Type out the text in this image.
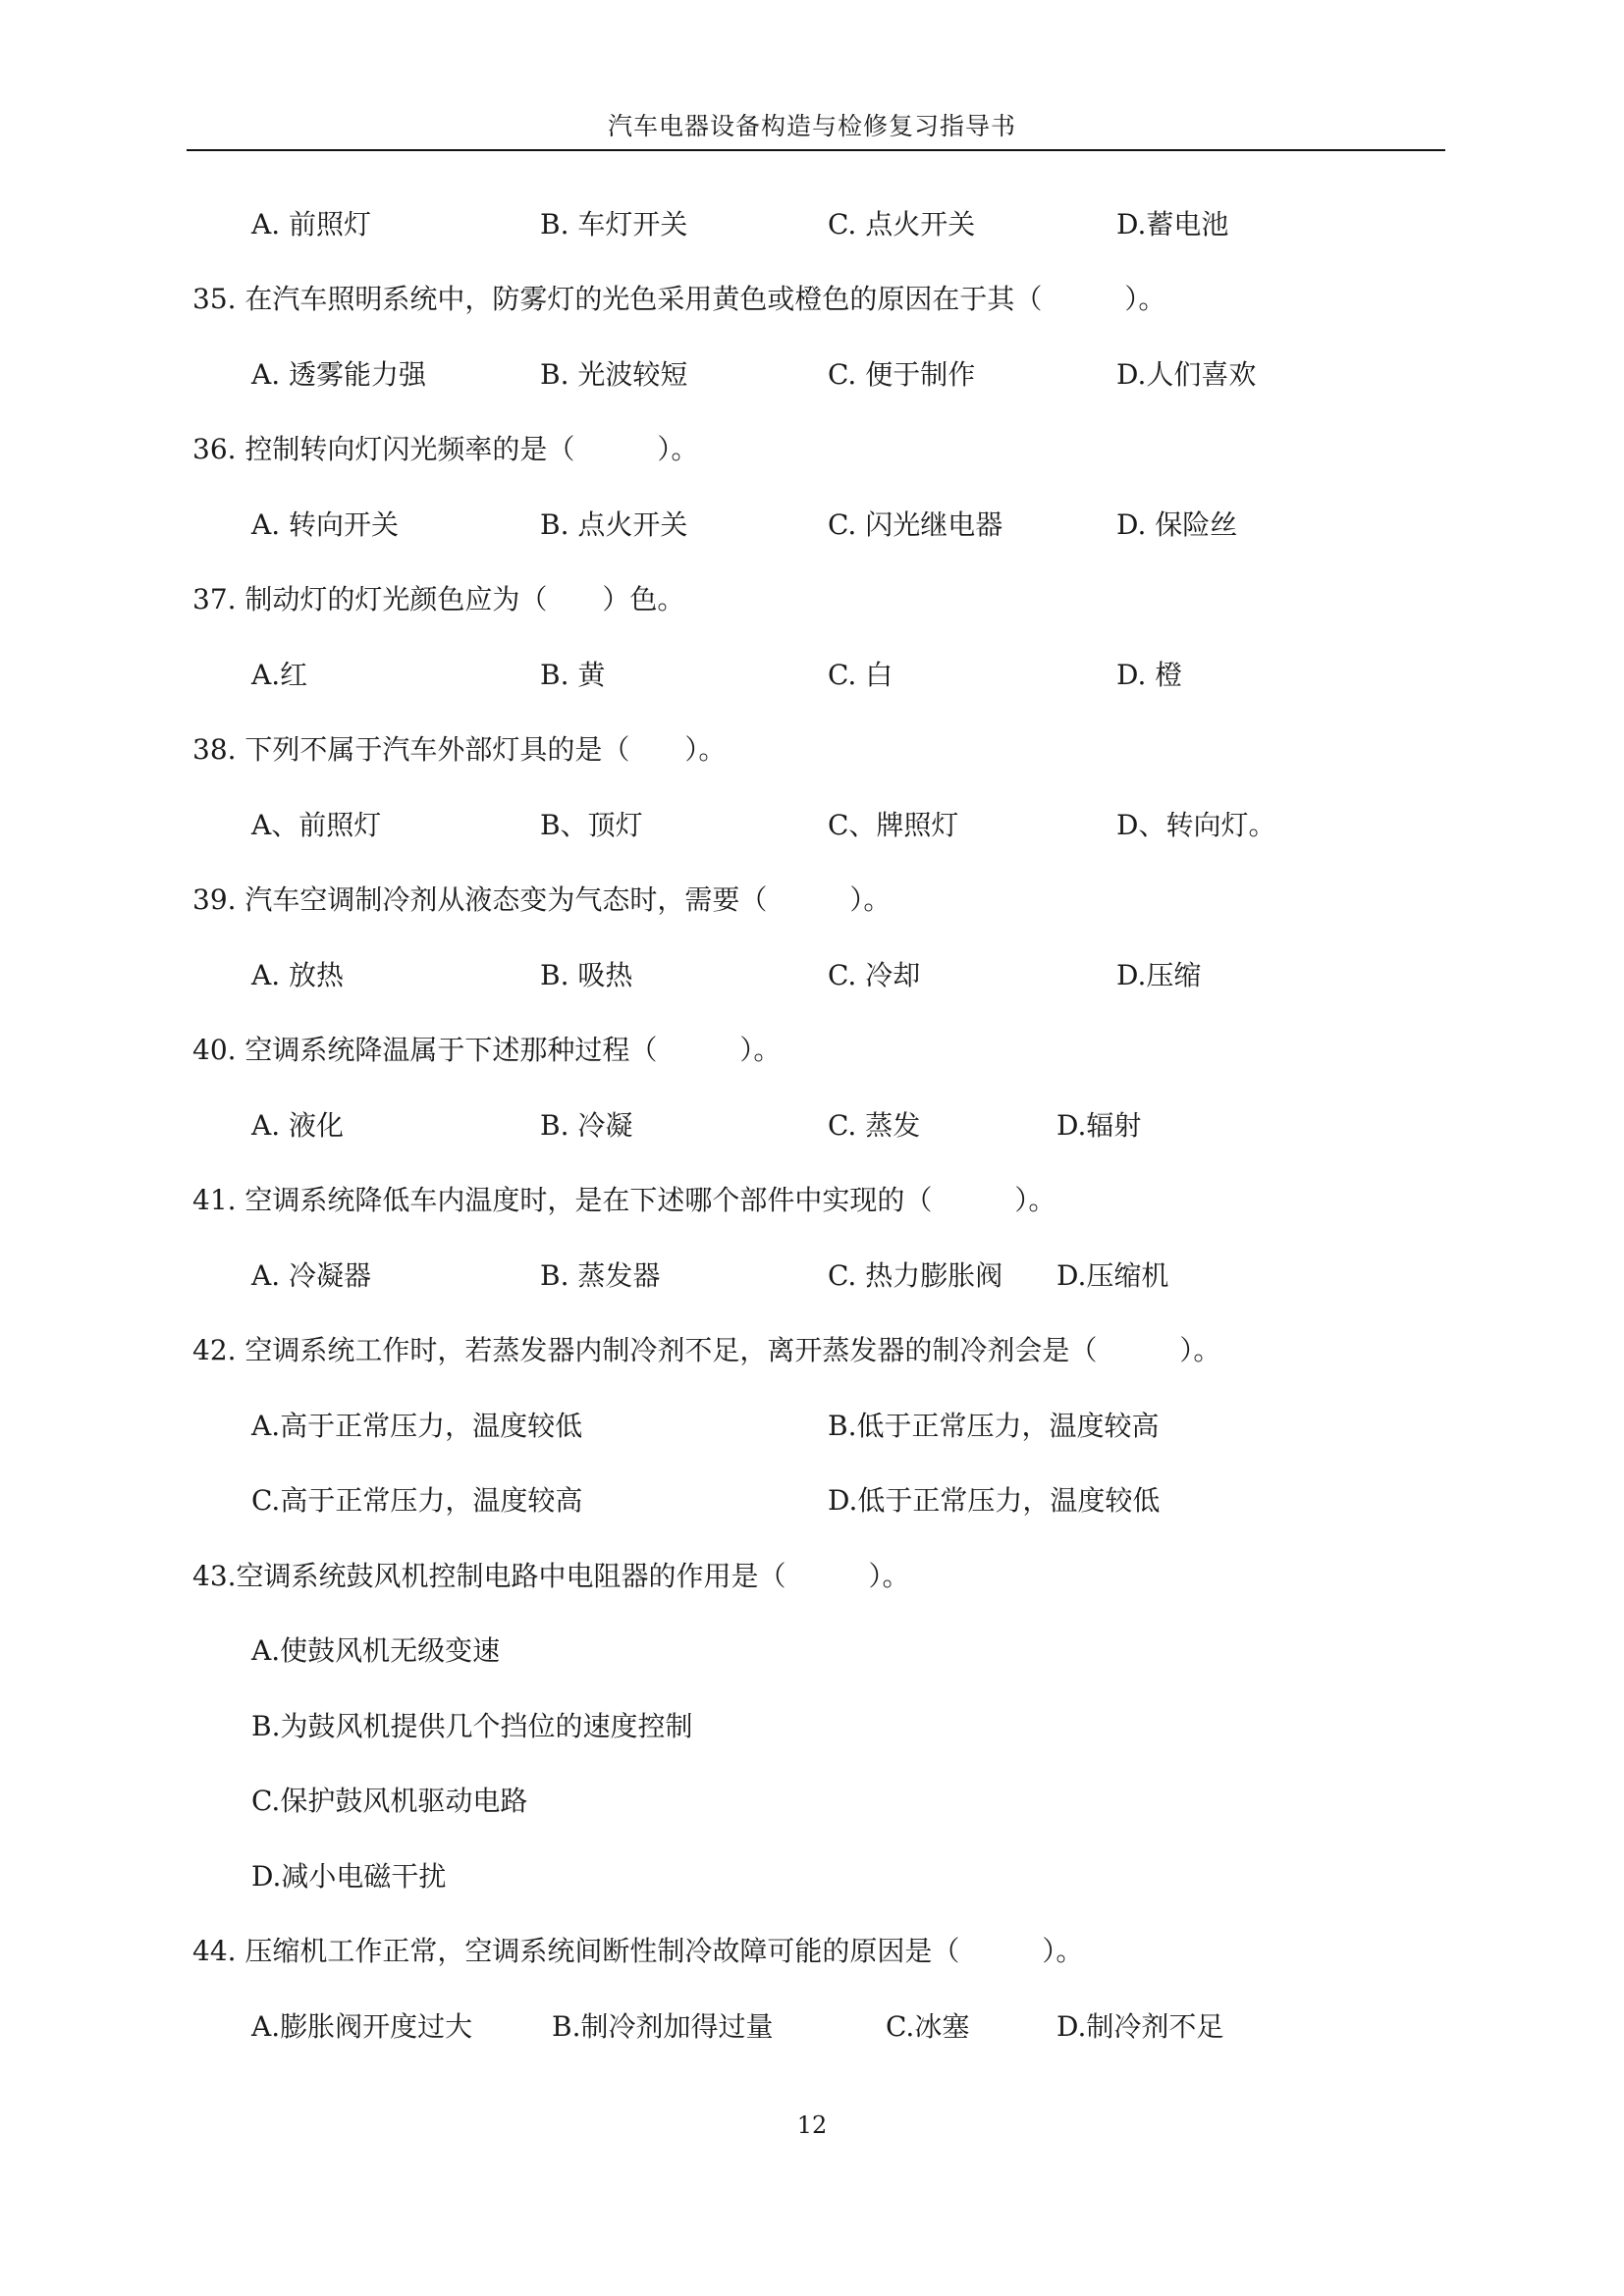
汽车电器设备构造与检修复习指导书
A. 前照灯	B. 车灯开关	C. 点火开关	D.蓄电池
35. 在汽车照明系统中，防雾灯的光色采用黄色或橙色的原因在于其（　　　）。
A. 透雾能力强	B. 光波较短	C. 便于制作	D.人们喜欢
36. 控制转向灯闪光频率的是（　　　）。
A. 转向开关	B. 点火开关	C. 闪光继电器	D. 保险丝
37. 制动灯的灯光颜色应为（　　）色。
A.红	B. 黄	C. 白	D. 橙
38. 下列不属于汽车外部灯具的是（　　）。
A、前照灯	B、顶灯	C、牌照灯	D、转向灯。
39. 汽车空调制冷剂从液态变为气态时，需要（　　　）。
A. 放热	B. 吸热	C. 冷却	D.压缩
40. 空调系统降温属于下述那种过程（　　　）。
A. 液化	B. 冷凝	C. 蒸发	D.辐射
41. 空调系统降低车内温度时，是在下述哪个部件中实现的（　　　）。
A. 冷凝器	B. 蒸发器	C. 热力膨胀阀 D.压缩机
42. 空调系统工作时，若蒸发器内制冷剂不足，离开蒸发器的制冷剂会是（　　　）。
A.高于正常压力，温度较低	B.低于正常压力，温度较高
C.高于正常压力，温度较高	D.低于正常压力，温度较低
43.空调系统鼓风机控制电路中电阻器的作用是（　　　）。
A.使鼓风机无级变速
B.为鼓风机提供几个挡位的速度控制
C.保护鼓风机驱动电路
D.减小电磁干扰
44. 压缩机工作正常，空调系统间断性制冷故障可能的原因是（　　　）。
A.膨胀阀开度过大	B.制冷剂加得过量	C.冰塞	D.制冷剂不足
12
